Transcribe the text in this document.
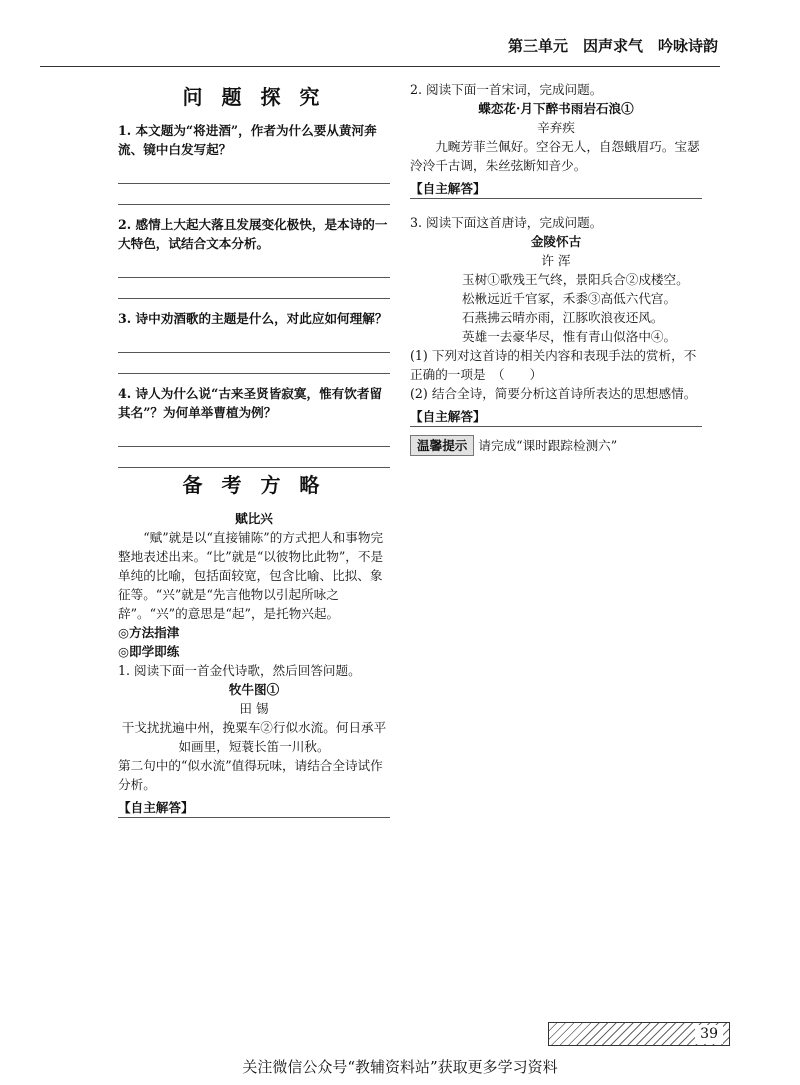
第三单元　因声求气　吟咏诗韵
问 题 探 究
1. 本文题为“将进酒”，作者为什么要从黄河奔流、镜中白发写起？
2. 感情上大起大落且发展变化极快，是本诗的一大特色，试结合文本分析。
3. 诗中劝酒歌的主题是什么，对此应如何理解？
4. 诗人为什么说“古来圣贤皆寂寞，惟有饮者留其名”？为何单举曹植为例？
备 考 方 略
赋比兴
“赋”就是以“直接铺陈”的方式把人和事物完整地表述出来。“比”就是“以彼物比此物”，不是单纯的比喻，包括面较宽，包含比喻、比拟、象征等。“兴”就是“先言他物以引起所咏之辞”。“兴”的意思是“起”，是托物兴起。
◎方法指津
◎即学即练
1. 阅读下面一首金代诗歌，然后回答问题。
牧牛图①
田 锡
干戈扰扰遍中州，挽粟车②行似水流。何日承平如画里，短蓑长笛一川秋。
第二句中的“似水流”值得玩味，请结合全诗试作分析。
【自主解答】
2. 阅读下面一首宋词，完成问题。
蝶恋花·月下醉书雨岩石浪①
辛弃疾
九畹芳菲兰佩好。空谷无人，自怨蛾眉巧。宝瑟泠泠千古调，朱丝弦断知音少。
【自主解答】
3. 阅读下面这首唐诗，完成问题。
金陵怀古
许 浑
玉树①歌残王气终，景阳兵合②戍楼空。
松楸远近千官冢，禾黍③高低六代宫。
石燕拂云晴亦雨，江豚吹浪夜还风。
英雄一去豪华尽，惟有青山似洛中④。
(1) 下列对这首诗的相关内容和表现手法的赏析，不正确的一项是　（　　）
(2) 结合全诗，简要分析这首诗所表达的思想感情。
【自主解答】
温馨提示 请完成“课时跟踪检测六”
39
关注微信公众号“教辅资料站”获取更多学习资料
